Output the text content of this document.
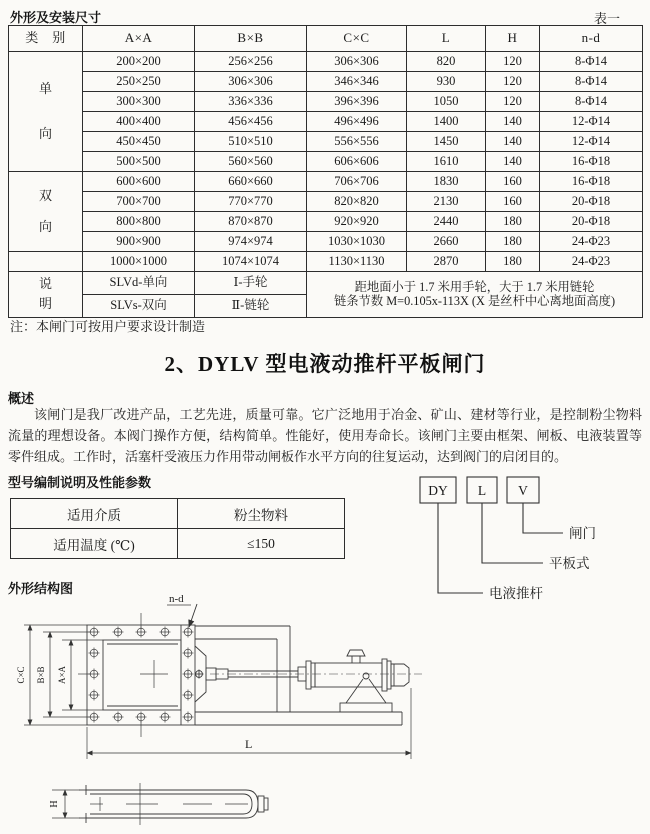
外形及安装尺寸	表一
类　别	A×A	B×B	C×C	L	H	n-d

单
向	200×200	256×256	306×306	820	120	8-Φ14
	250×250	306×306	346×346	930	120	8-Φ14
	300×300	336×336	396×396	1050	120	8-Φ14
	400×400	456×456	496×496	1400	140	12-Φ14
	450×450	510×510	556×556	1450	140	12-Φ14
	500×500	560×560	606×606	1610	140	16-Φ18

双
向	600×600	660×660	706×706	1830	160	16-Φ18
	700×700	770×770	820×820	2130	160	20-Φ18
	800×800	870×870	920×920	2440	180	20-Φ18
	900×900	974×974	1030×1030	2660	180	24-Φ23

	1000×1000	1074×1074	1130×1130	2870	180	24-Φ23

说
明
	SLVd-单向	Ⅰ-手轮	距地面小于 1.7 米用手轮，大于 1.7 米用链轮
链条节数 M=0.105x-113X (X 是丝杆中心离地面高度)

	SLVs-双向	Ⅱ-链轮				
注：本闸门可按用户要求设计制造
2、DYLV 型电液动推杆平板闸门
概述
该闸门是我厂改进产品，工艺先进，质量可靠。它广泛地用于冶金、矿山、建材等行业，是控制粉尘物料流量的理想设备。本阀门操作方便，结构简单。性能好，使用寿命长。该闸门主要由框架、闸板、电液装置等零件组成。工作时，活塞杆受液压力作用带动闸板作水平方向的往复运动，达到阀门的启闭目的。
型号编制说明及性能参数
适用介质	粉尘物料
适用温度 (℃)	≤150
DY L V
闸门
平板式
电液推杆
外形结构图
n-d
C×C B×B A×A
L
H
